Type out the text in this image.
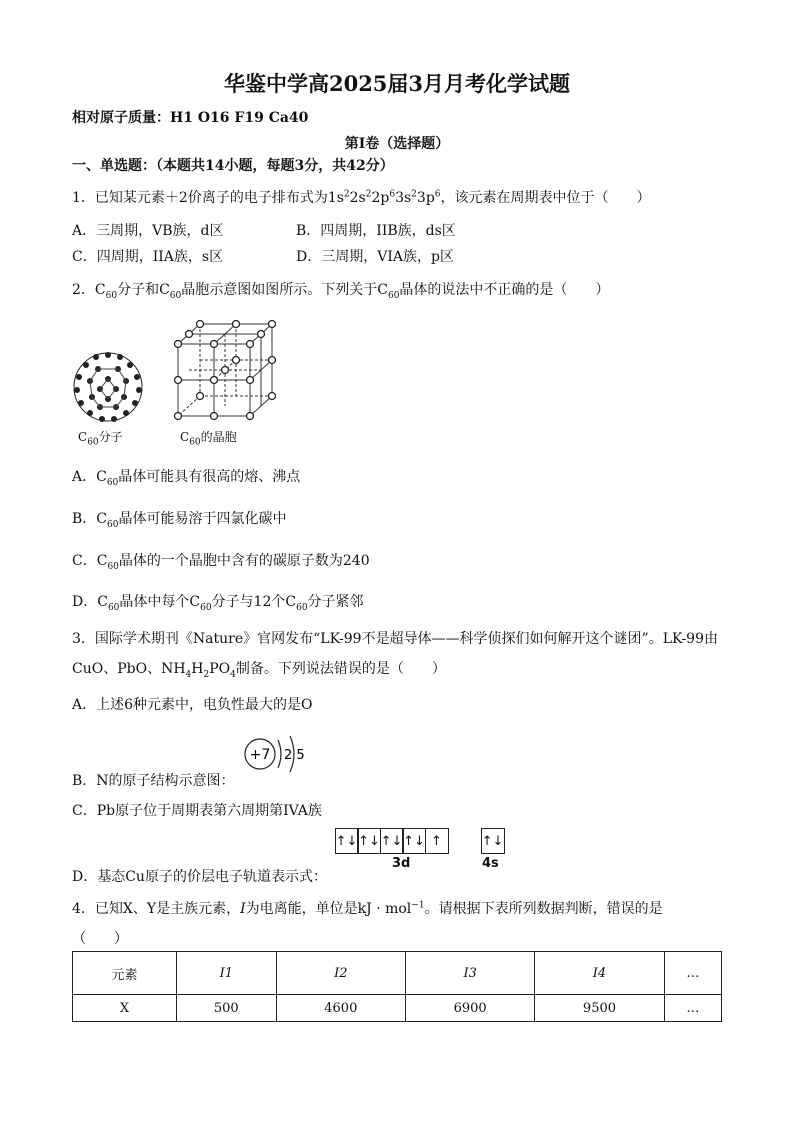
华鉴中学高2025届3月月考化学试题
相对原子质量：H1 O16 F19 Ca40
第Ⅰ卷（选择题）
一、单选题：（本题共14小题，每题3分，共42分）
1．已知某元素＋2价离子的电子排布式为$1s^22s^22p^63s^23p^6$，该元素在周期表中位于（　　）
A．三周期，VB族，d区	B．四周期，IIB族，ds区
C．四周期，IIA族，s区	D．三周期，VIA族，p区
2．$C_{60}$分子和$C_{60}$晶胞示意图如图所示。下列关于$C_{60}$晶体的说法中不正确的是（　　）
$C_{60}$分子	$C_{60}$的晶胞
A．$C_{60}$晶体可能具有很高的熔、沸点
B．$C_{60}$晶体可能易溶于四氯化碳中
C．$C_{60}$晶体的一个晶胞中含有的碳原子数为240
D．$C_{60}$晶体中每个$C_{60}$分子与12个$C_{60}$分子紧邻
3．国际学术期刊《Nature》官网发布“LK-99不是超导体——科学侦探们如何解开这个谜团”。LK-99由
CuO、PbO、$NH_4H_2PO_4$制备。下列说法错误的是（　　）
A．上述6种元素中，电负性最大的是O
+7 2 5
B．N的原子结构示意图：
C．Pb原子位于周期表第六周期第IVA族
↑↓ ↑↓ ↑↓ ↑↓ ↑	↑↓
3d	4s
D．基态Cu原子的价层电子轨道表示式：
4．已知X、Y是主族元素，I为电离能，单位是kJ · mol$^{-1}$。请根据下表所列数据判断，错误的是
（　　）
元素	I1	I2	I3	I4	…
X	500	4600	6900	9500	…
